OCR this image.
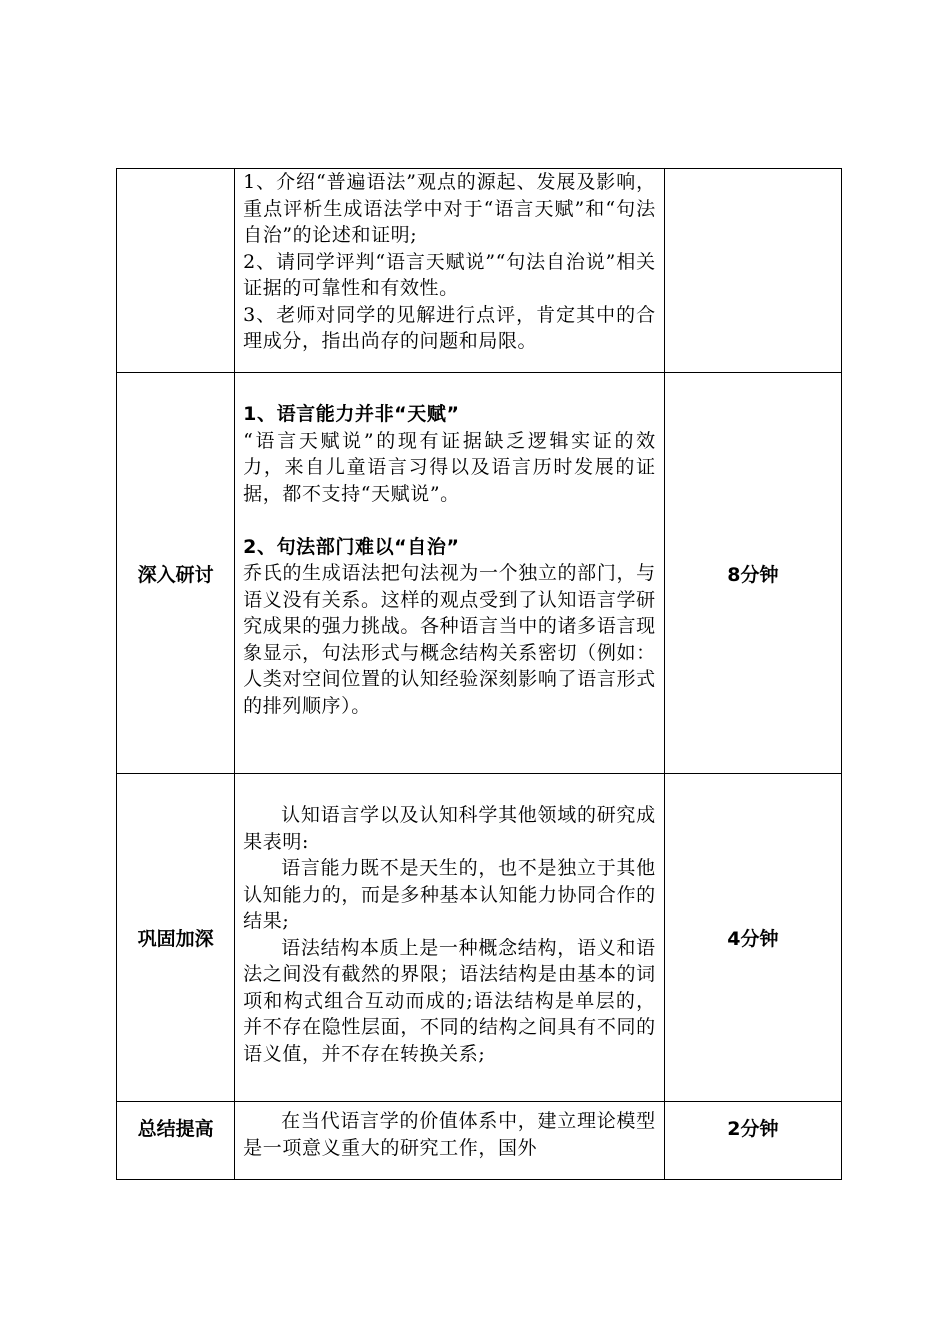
	1、介绍“普遍语法”观点的源起、发展及影响，重点评析生成语法学中对于“语言天赋”和“句法自治”的论述和证明;

2、请同学评判“语言天赋说”“句法自治说”相关证据的可靠性和有效性。

3、老师对同学的见解进行点评，肯定其中的合理成分，指出尚存的问题和局限。	

深入研讨	1、语言能力并非“天赋”

“语言天赋说”的现有证据缺乏逻辑实证的效力，来自儿童语言习得以及语言历时发展的证据，都不支持“天赋说”。

2、句法部门难以“自治”

乔氏的生成语法把句法视为一个独立的部门，与语义没有关系。这样的观点受到了认知语言学研究成果的强力挑战。各种语言当中的诸多语言现象显示，句法形式与概念结构关系密切（例如：人类对空间位置的认知经验深刻影响了语言形式的排列顺序）。	8分钟
巩固加深	认知语言学以及认知科学其他领域的研究成果表明:

语言能力既不是天生的，也不是独立于其他认知能力的，而是多种基本认知能力协同合作的结果;

语法结构本质上是一种概念结构，语义和语法之间没有截然的界限；语法结构是由基本的词项和构式组合互动而成的;语法结构是单层的，并不存在隐性层面，不同的结构之间具有不同的语义值，并不存在转换关系;	4分钟
总结提高	在当代语言学的价值体系中，建立理论模型是一项意义重大的研究工作，国外	2分钟
